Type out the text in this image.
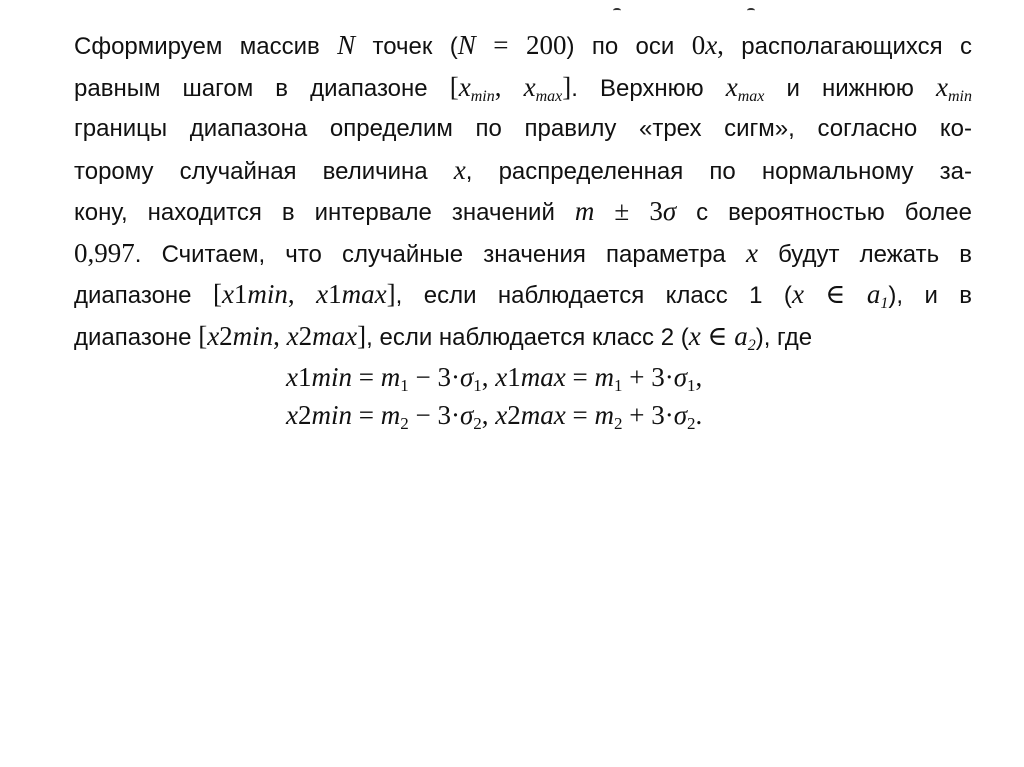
Сформируем массив N точек (N = 200) по оси 0x, располагающихся с
равным шагом в диапазоне [$x_{min}$, $x_{max}$]. Верхнюю $x_{max}$ и нижнюю $x_{min}$
границы диапазона определим по правилу «трех сигм», согласно ко-
торому случайная величина x, распределенная по нормальному за-
кону, находится в интервале значений m ± 3σ с вероятностью более
0,997. Считаем, что случайные значения параметра x будут лежать в
диапазоне [x1min, x1max], если наблюдается класс 1 (x ∈ $a_1$), и в
диапазоне [x2min, x2max], если наблюдается класс 2 (x ∈ $a_2$), где
x1min = m1 − 3·σ1, x1max = m1 + 3·σ1,
x2min = m2 − 3·σ2, x2max = m2 + 3·σ2.
